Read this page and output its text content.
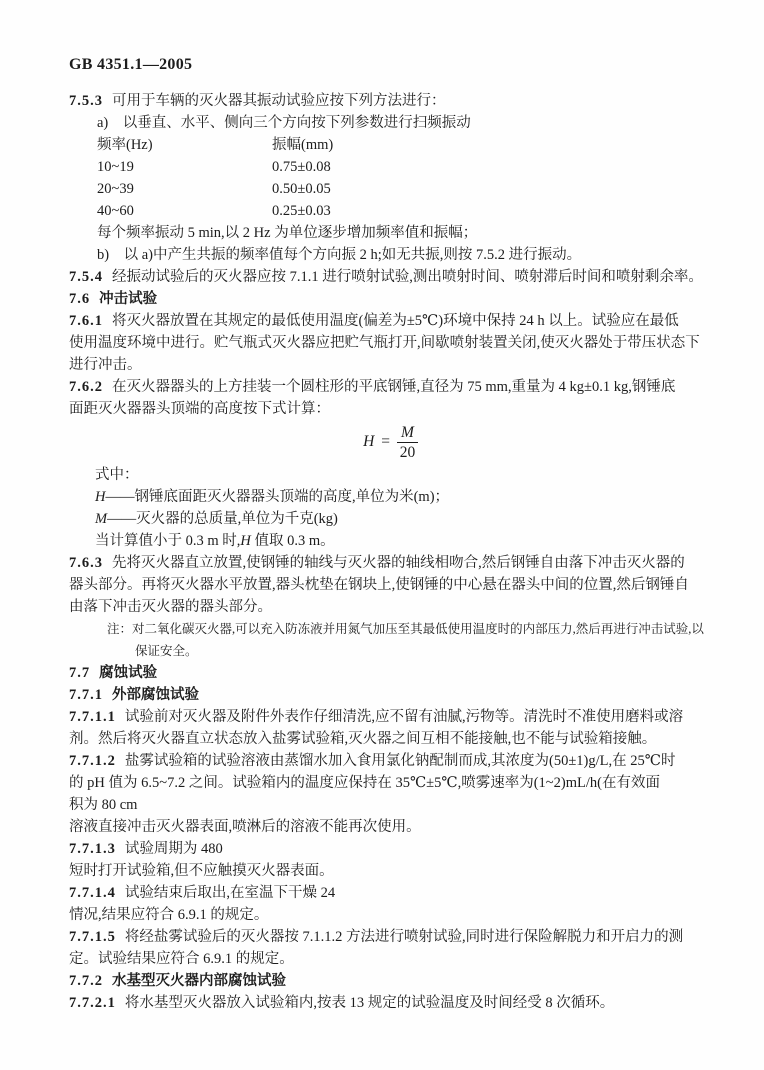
GB 4351.1—2005
7.5.3 可用于车辆的灭火器其振动试验应按下列方法进行：
a)　以垂直、水平、侧向三个方向按下列参数进行扫频振动
频率(Hz)	振幅(mm)
10~19	0.75±0.08
20~39	0.50±0.05
40~60	0.25±0.03
每个频率振动 5 min,以 2 Hz 为单位逐步增加频率值和振幅；
b)　以 a)中产生共振的频率值每个方向振 2 h;如无共振,则按 7.5.2 进行振动。
7.5.4 经振动试验后的灭火器应按 7.1.1 进行喷射试验,测出喷射时间、喷射滞后时间和喷射剩余率。
7.6 冲击试验
7.6.1 将灭火器放置在其规定的最低使用温度(偏差为±5℃)环境中保持 24 h 以上。试验应在最低
使用温度环境中进行。贮气瓶式灭火器应把贮气瓶打开,间歇喷射装置关闭,使灭火器处于带压状态下
进行冲击。
7.6.2 在灭火器器头的上方挂装一个圆柱形的平底钢锤,直径为 75 mm,重量为 4 kg±0.1 kg,钢锤底
面距灭火器器头顶端的高度按下式计算：
$H = \frac{M}{20}$
式中：
H——钢锤底面距灭火器器头顶端的高度,单位为米(m)；
M——灭火器的总质量,单位为千克(kg)
当计算值小于 0.3 m 时,H 值取 0.3 m。
7.6.3 先将灭火器直立放置,使钢锤的轴线与灭火器的轴线相吻合,然后钢锤自由落下冲击灭火器的
器头部分。再将灭火器水平放置,器头枕垫在钢块上,使钢锤的中心悬在器头中间的位置,然后钢锤自
由落下冲击灭火器的器头部分。
注：对二氧化碳灭火器,可以充入防冻液并用氮气加压至其最低使用温度时的内部压力,然后再进行冲击试验,以
保证安全。
7.7 腐蚀试验
7.7.1 外部腐蚀试验
7.7.1.1 试验前对灭火器及附件外表作仔细清洗,应不留有油腻,污物等。清洗时不准使用磨料或溶
剂。然后将灭火器直立状态放入盐雾试验箱,灭火器之间互相不能接触,也不能与试验箱接触。
7.7.1.2 盐雾试验箱的试验溶液由蒸馏水加入食用氯化钠配制而成,其浓度为(50±1)g/L,在 25℃时
的 pH 值为 6.5~7.2 之间。试验箱内的温度应保持在 35℃±5℃,喷雾速率为(1~2)mL/h(在有效面
积为 80 cm
溶液直接冲击灭火器表面,喷淋后的溶液不能再次使用。
7.7.1.3 试验周期为 480
短时打开试验箱,但不应触摸灭火器表面。
7.7.1.4 试验结束后取出,在室温下干燥 24
情况,结果应符合 6.9.1 的规定。
7.7.1.5 将经盐雾试验后的灭火器按 7.1.1.2 方法进行喷射试验,同时进行保险解脱力和开启力的测
定。试验结果应符合 6.9.1 的规定。
7.7.2 水基型灭火器内部腐蚀试验
7.7.2.1 将水基型灭火器放入试验箱内,按表 13 规定的试验温度及时间经受 8 次循环。
